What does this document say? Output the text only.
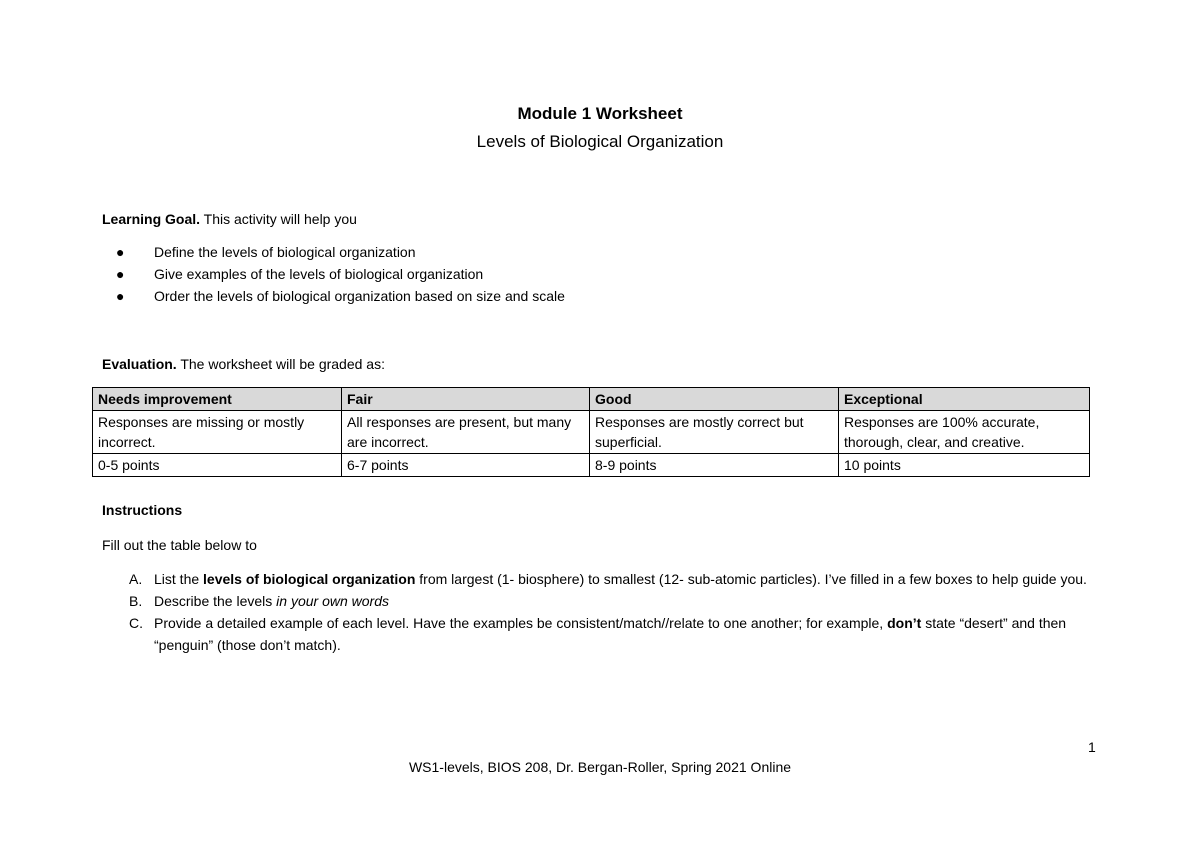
Module 1 Worksheet
Levels of Biological Organization
Learning Goal. This activity will help you
● Define the levels of biological organization
● Give examples of the levels of biological organization
● Order the levels of biological organization based on size and scale
Evaluation. The worksheet will be graded as:
Needs improvement	Fair	Good	Exceptional
Responses are missing or mostly incorrect.	All responses are present, but many are incorrect.	Responses are mostly correct but superficial.	Responses are 100% accurate, thorough, clear, and creative.
0-5 points	6-7 points	8-9 points	10 points
Instructions
Fill out the table below to
A. List the levels of biological organization from largest (1- biosphere) to smallest (12- sub-atomic particles). I’ve filled in a few boxes to help guide you.
B. Describe the levels in your own words
C. Provide a detailed example of each level. Have the examples be consistent/match//relate to one another; for example, don’t state “desert” and then “penguin” (those don’t match).
1
WS1-levels, BIOS 208, Dr. Bergan-Roller, Spring 2021 Online
